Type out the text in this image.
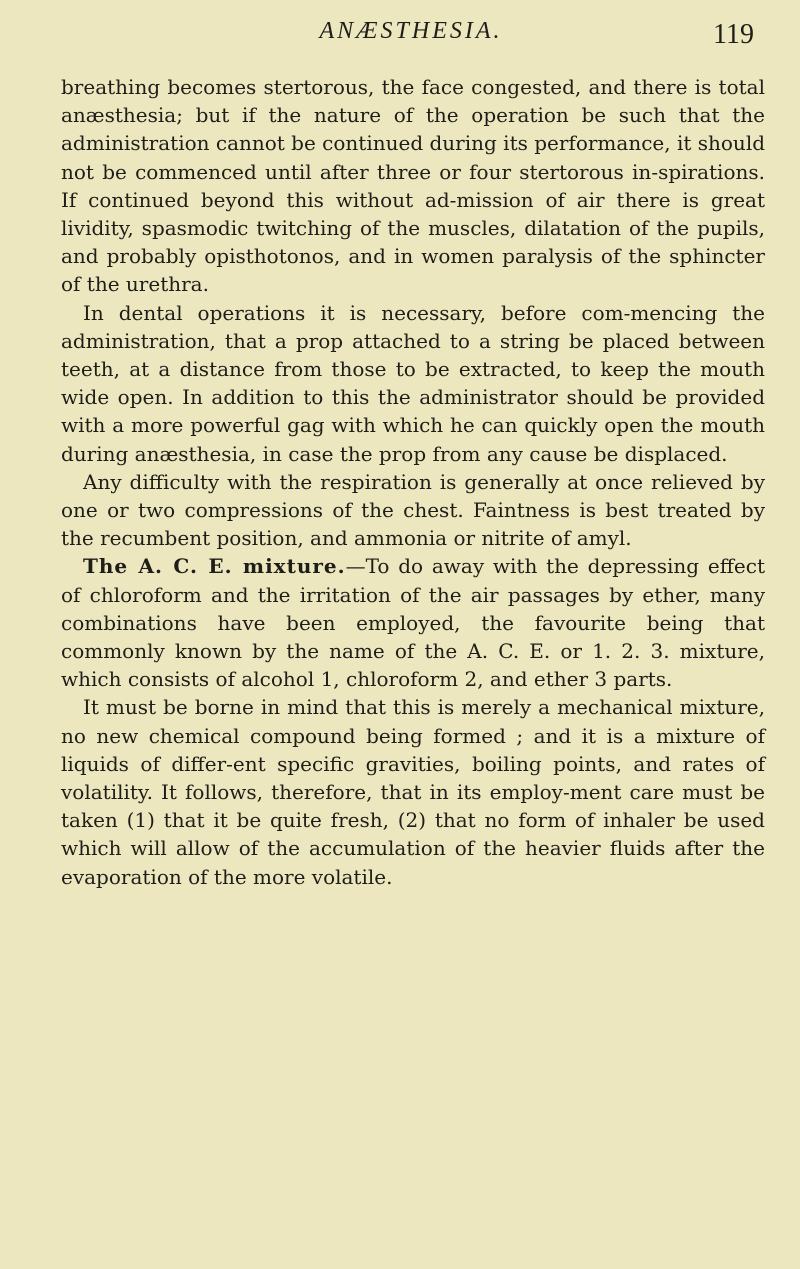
ANÆSTHESIA.	119

breathing becomes stertorous, the face congested, and there is total anæsthesia; but if the nature of the operation be such that the administration cannot be continued during its performance, it should not be commenced until after three or four stertorous in-spirations. If continued beyond this without ad-mission of air there is great lividity, spasmodic twitching of the muscles, dilatation of the pupils, and probably opisthotonos, and in women paralysis of the sphincter of the urethra.

In dental operations it is necessary, before com-mencing the administration, that a prop attached to a string be placed between teeth, at a distance from those to be extracted, to keep the mouth wide open. In addition to this the administrator should be provided with a more powerful gag with which he can quickly open the mouth during anæsthesia, in case the prop from any cause be displaced.

Any difficulty with the respiration is generally at once relieved by one or two compressions of the chest. Faintness is best treated by the recumbent position, and ammonia or nitrite of amyl.

The A. C. E. mixture.—To do away with the depressing effect of chloroform and the irritation of the air passages by ether, many combinations have been employed, the favourite being that commonly known by the name of the A. C. E. or 1. 2. 3. mixture, which consists of alcohol 1, chloroform 2, and ether 3 parts.

It must be borne in mind that this is merely a mechanical mixture, no new chemical compound being formed ; and it is a mixture of liquids of differ-ent specific gravities, boiling points, and rates of volatility. It follows, therefore, that in its employ-ment care must be taken (1) that it be quite fresh, (2) that no form of inhaler be used which will allow of the accumulation of the heavier fluids after the evaporation of the more volatile.
